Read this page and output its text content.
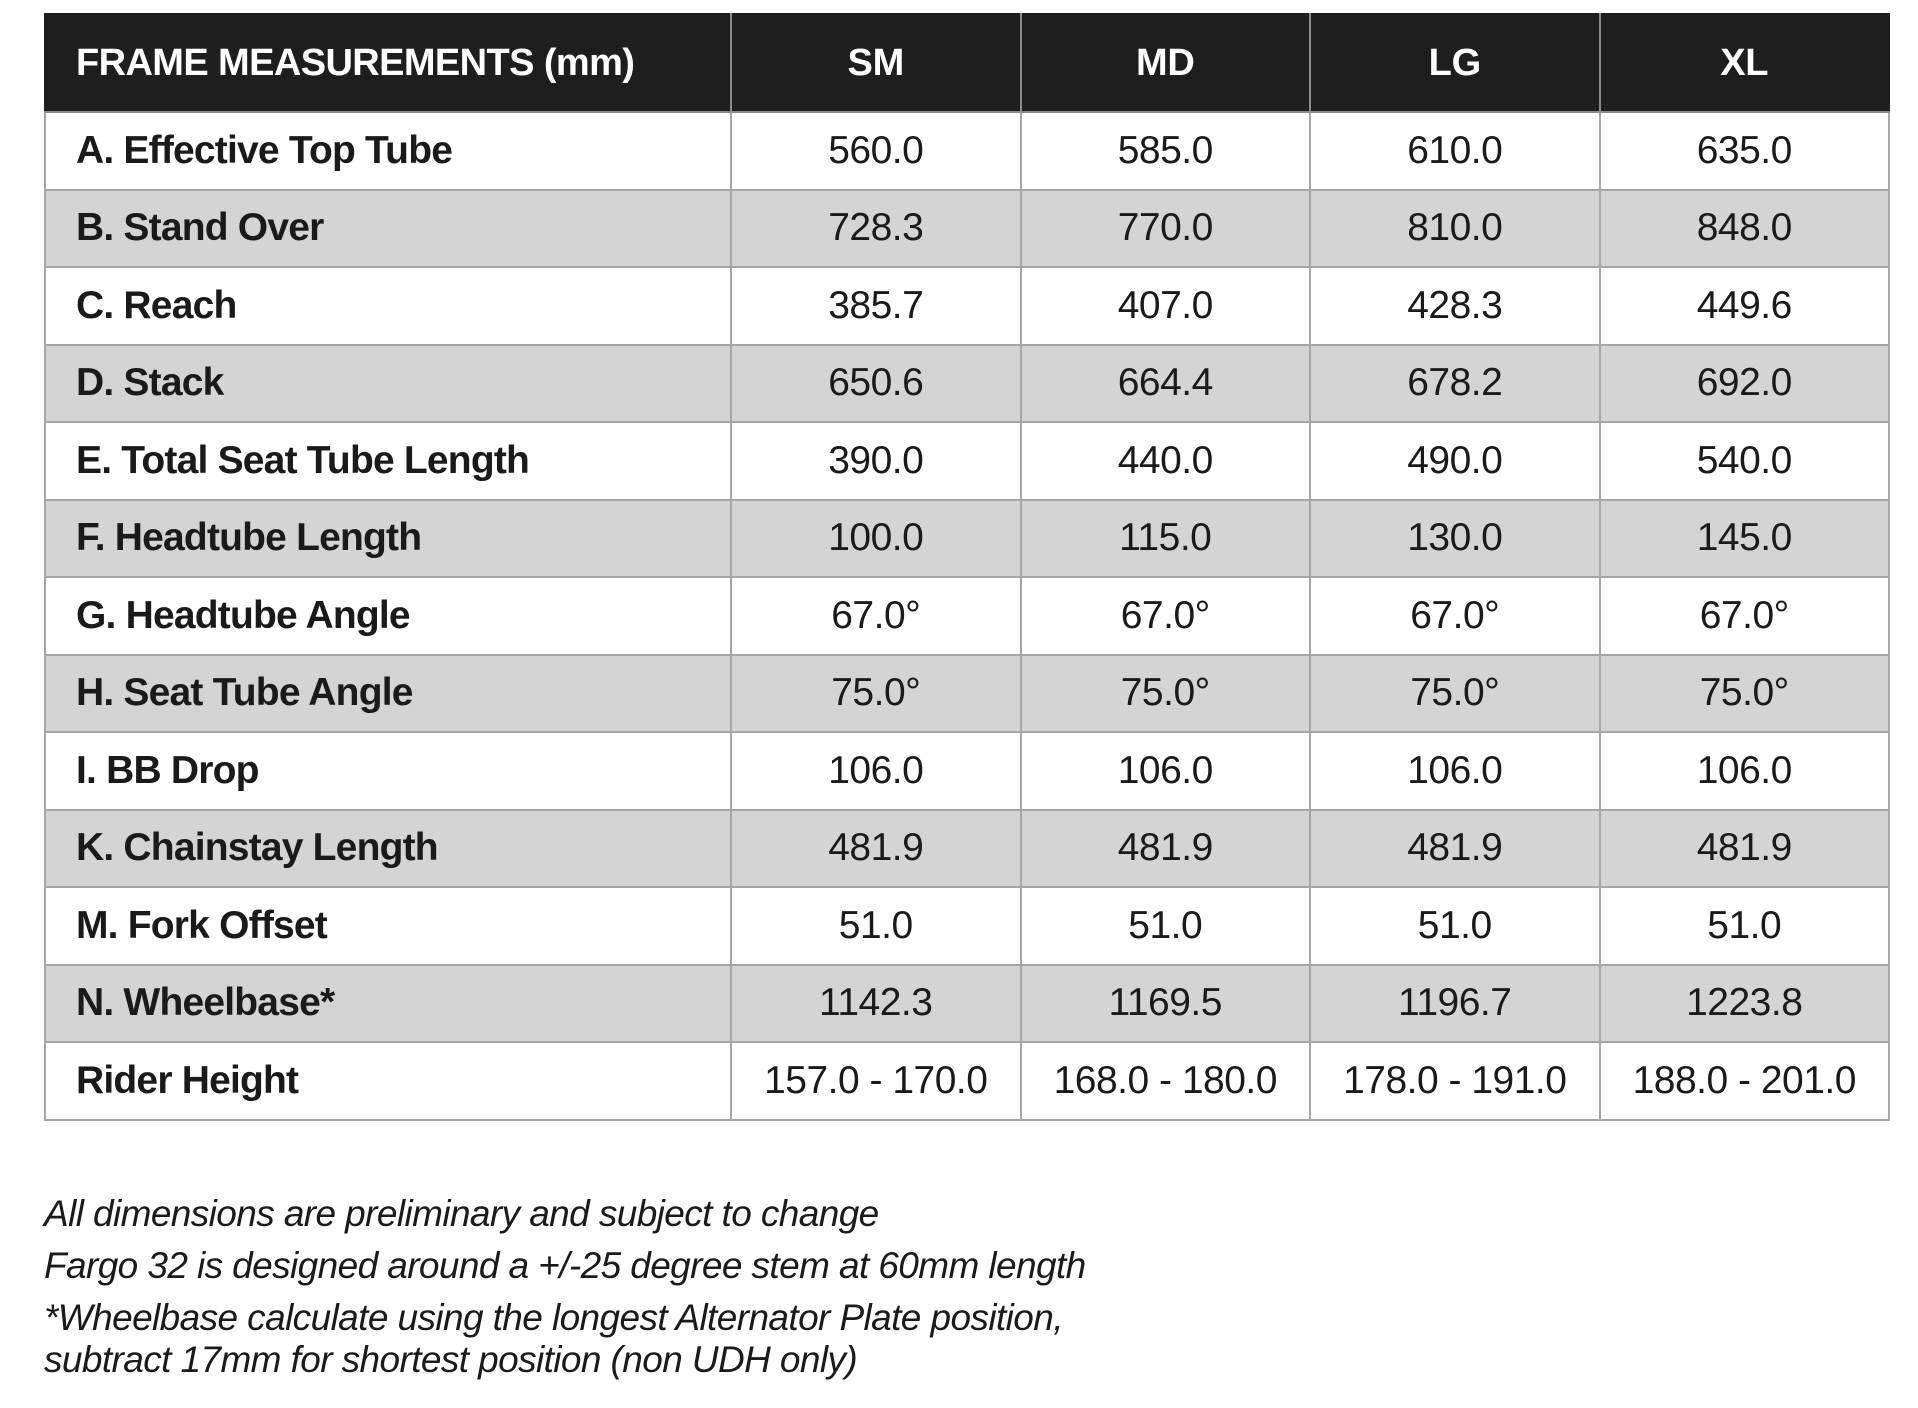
FRAME MEASUREMENTS (mm)	SM	MD	LG	XL
A. Effective Top Tube	560.0	585.0	610.0	635.0
B. Stand Over	728.3	770.0	810.0	848.0
C. Reach	385.7	407.0	428.3	449.6
D. Stack	650.6	664.4	678.2	692.0
E. Total Seat Tube Length	390.0	440.0	490.0	540.0
F. Headtube Length	100.0	115.0	130.0	145.0
G. Headtube Angle	67.0°	67.0°	67.0°	67.0°
H. Seat Tube Angle	75.0°	75.0°	75.0°	75.0°
I. BB Drop	106.0	106.0	106.0	106.0
K. Chainstay Length	481.9	481.9	481.9	481.9
M. Fork Offset	51.0	51.0	51.0	51.0
N. Wheelbase*	1142.3	1169.5	1196.7	1223.8
Rider Height	157.0 - 170.0	168.0 - 180.0	178.0 - 191.0	188.0 - 201.0
All dimensions are preliminary and subject to change
Fargo 32 is designed around a +/-25 degree stem at 60mm length
*Wheelbase calculate using the longest Alternator Plate position,
subtract 17mm for shortest position (non UDH only)
